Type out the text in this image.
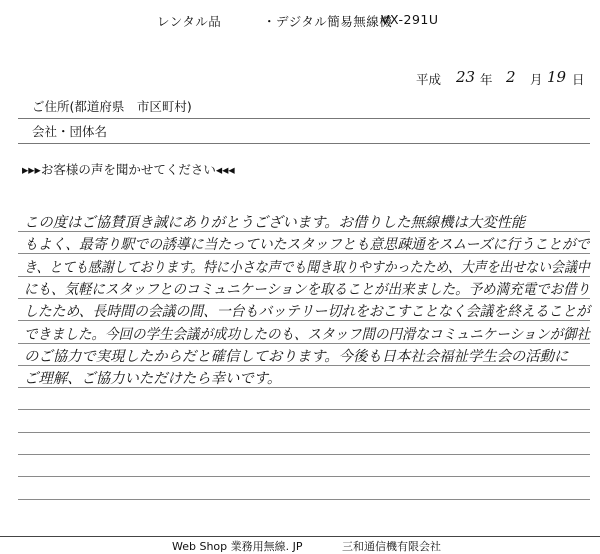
レンタル品	・デジタル簡易無線機
VX-291U
平成 23 年 2 月 19 日
ご住所(都道府県　市区町村)
会社・団体名
▸▸▸お客様の声を聞かせてください◂◂◂
この度はご協賛頂き誠にありがとうございます。お借りした無線機は大変性能
もよく、最寄り駅での誘導に当たっていたスタッフとも意思疎通をスムーズに行うことがで
き、とても感謝しております。特に小さな声でも聞き取りやすかったため、大声を出せない会議中
にも、気軽にスタッフとのコミュニケーションを取ることが出来ました。予め満充電でお借り
したため、長時間の会議の間、一台もバッテリー切れをおこすことなく会議を終えることが
できました。今回の学生会議が成功したのも、スタッフ間の円滑なコミュニケーションが御社
のご協力で実現したからだと確信しております。今後も日本社会福祉学生会の活動に
ご理解、ご協力いただけたら幸いです。
Web Shop 業務用無線. JP	三和通信機有限会社
